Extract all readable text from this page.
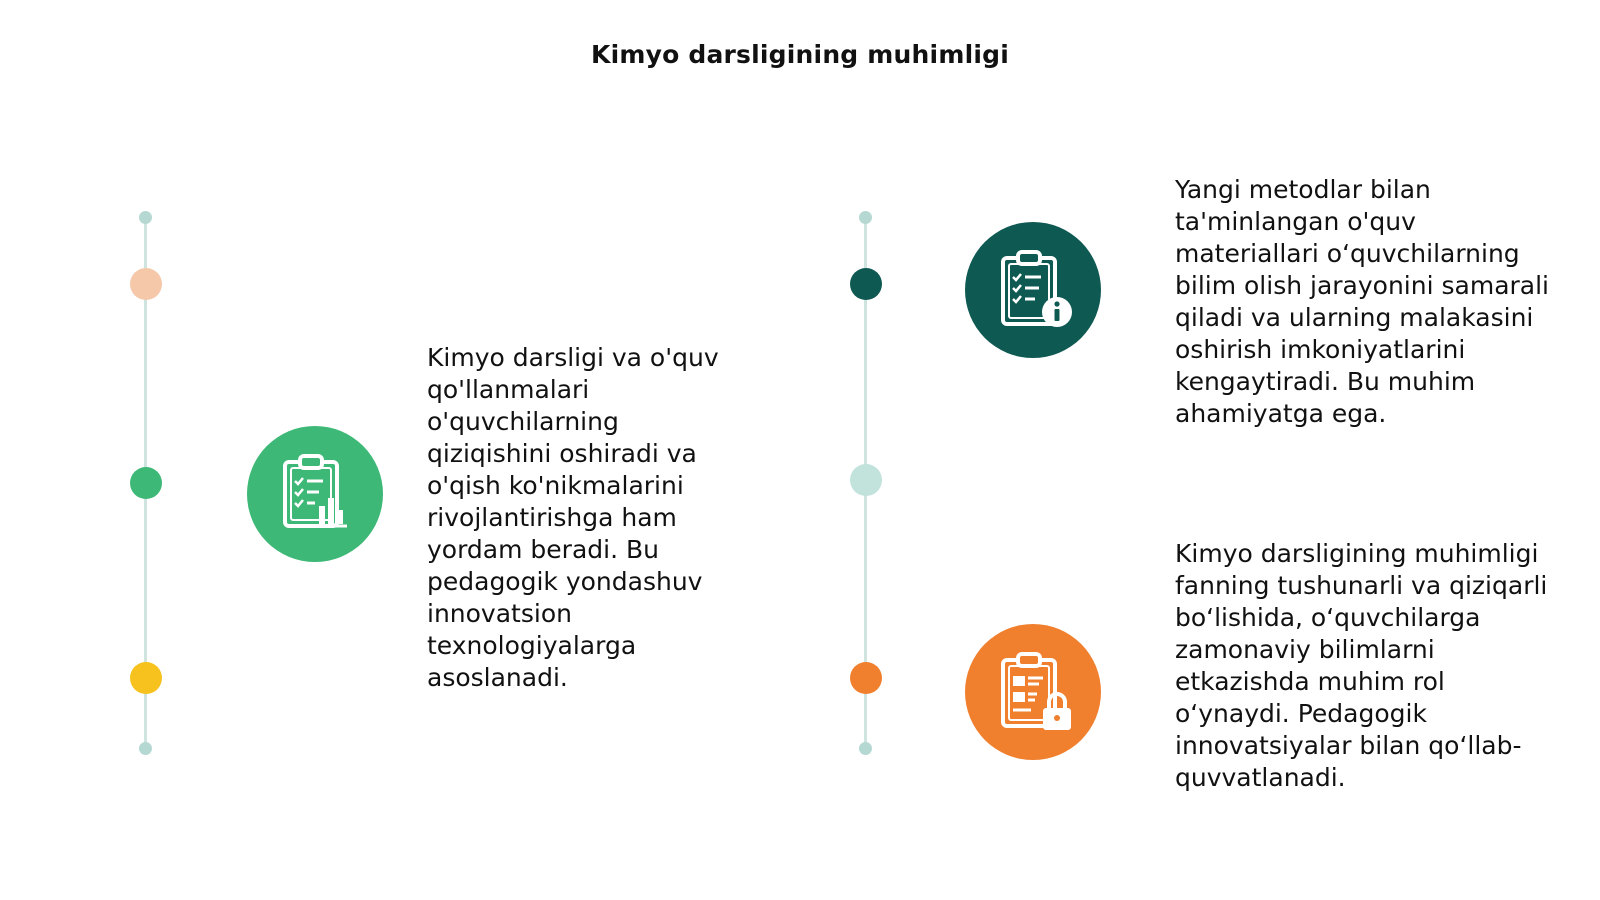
Kimyo darsligining muhimligi
Kimyo darsligi va o'quv qo'llanmalari o'quvchilarning qiziqishini oshiradi va o'qish ko'nikmalarini rivojlantirishga ham yordam beradi. Bu pedagogik yondashuv innovatsion texnologiyalarga asoslanadi.
Yangi metodlar bilan ta'minlangan o'quv materiallari o‘quvchilarning bilim olish jarayonini samarali qiladi va ularning malakasini oshirish imkoniyatlarini kengaytiradi. Bu muhim ahamiyatga ega.
Kimyo darsligining muhimligi fanning tushunarli va qiziqarli bo‘lishida, o‘quvchilarga zamonaviy bilimlarni etkazishda muhim rol o‘ynaydi. Pedagogik innovatsiyalar bilan qo‘llab-quvvatlanadi.
